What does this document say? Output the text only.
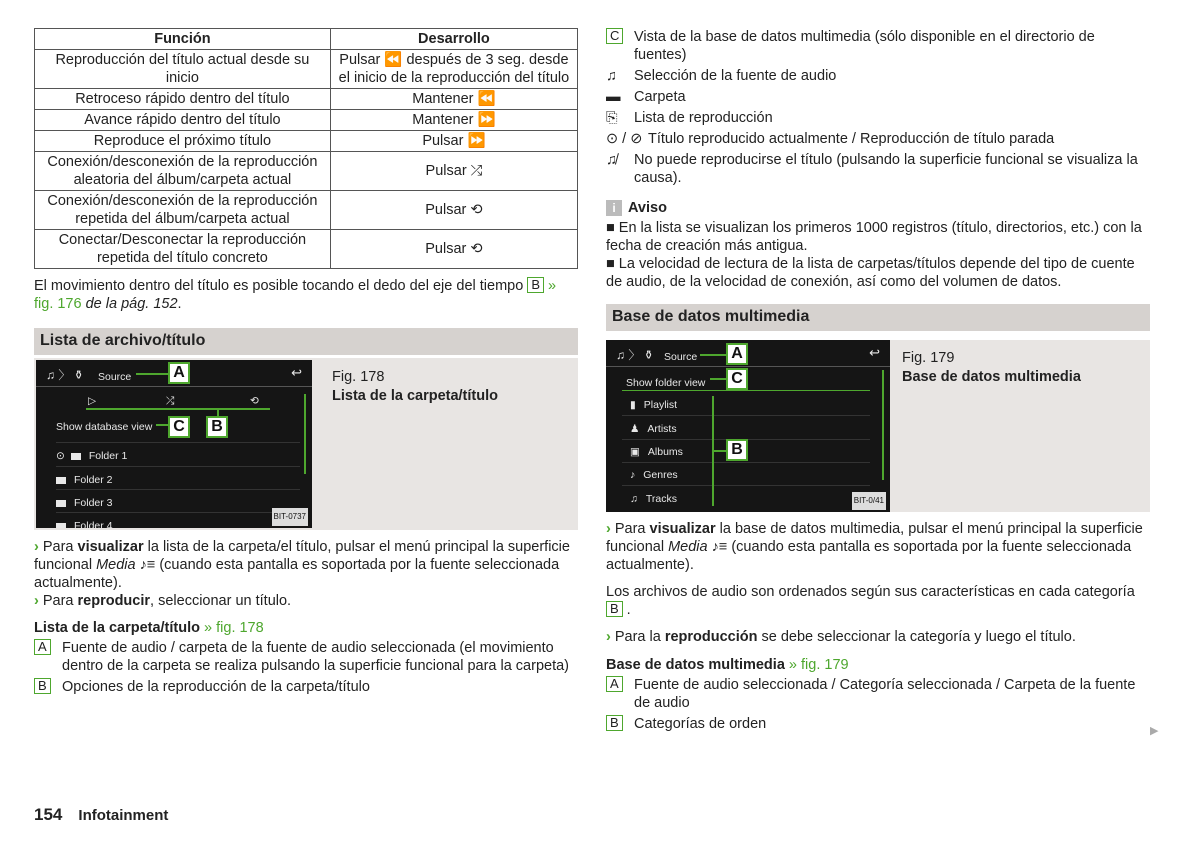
Función	Desarrollo
Reproducción del título actual desde su inicio	Pulsar ⏪ después de 3 seg. desde el inicio de la reproducción del título
Retroceso rápido dentro del título	Mantener ⏪
Avance rápido dentro del título	Mantener ⏩
Reproduce el próximo título	Pulsar ⏩
Conexión/desconexión de la reproducción aleatoria del álbum/carpeta actual	Pulsar ⤮
Conexión/desconexión de la reproducción repetida del álbum/carpeta actual	Pulsar ⟲
Conectar/Desconectar la reproducción repetida del título concreto	Pulsar ⟲

El movimiento dentro del título es posible tocando el dedo del eje del tiempo B » fig. 176 de la pág. 152.

Lista de archivo/título
♫ 〉 ⚱ Source	↩
▷	⤮	⟲
Show database view
⊙ Folder 1
Folder 2
Folder 3
Folder 4
BIT-0737
A
C	B
Fig. 178
Lista de la carpeta/título

› Para visualizar la lista de la carpeta/el título, pulsar el menú principal la superficie funcional Media ♪≡ (cuando esta pantalla es soportada por la fuente seleccionada actualmente).

› Para reproducir, seleccionar un título.

Lista de la carpeta/título » fig. 178

A	Fuente de audio / carpeta de la fuente de audio seleccionada (el movimiento dentro de la carpeta se realiza pulsando la superficie funcional para la carpeta)
B	Opciones de la reproducción de la carpeta/título
C	Vista de la base de datos multimedia (sólo disponible en el directorio de fuentes)
♫	Selección de la fuente de audio
▬ Carpeta
⎘	Lista de reproducción
⊙ / ⊘ Título reproducido actualmente / Reproducción de título parada
♫̸	No puede reproducirse el título (pulsando la superficie funcional se visualiza la causa).

i Aviso

■ En la lista se visualizan los primeros 1000 registros (título, directorios, etc.) con la fecha de creación más antigua.

■ La velocidad de lectura de la lista de carpetas/títulos depende del tipo de cuente de audio, de la velocidad de conexión, así como del volumen de datos.

Base de datos multimedia
♫ 〉 ⚱ Source	↩
Show folder view
▮ Playlist
♟ Artists
▣ Albums
♪ Genres
♫ Tracks	BIT-0/41
A
C
B
Fig. 179
Base de datos multimedia

› Para visualizar la base de datos multimedia, pulsar el menú principal la superficie funcional Media ♪≡ (cuando esta pantalla es soportada por la fuente seleccionada actualmente).

Los archivos de audio son ordenados según sus características en cada categoría B .

› Para la reproducción se debe seleccionar la categoría y luego el título.

Base de datos multimedia » fig. 179

A	Fuente de audio seleccionada / Categoría seleccionada / Carpeta de la fuente de audio
B	Categorías de orden	▶
154 Infotainment
